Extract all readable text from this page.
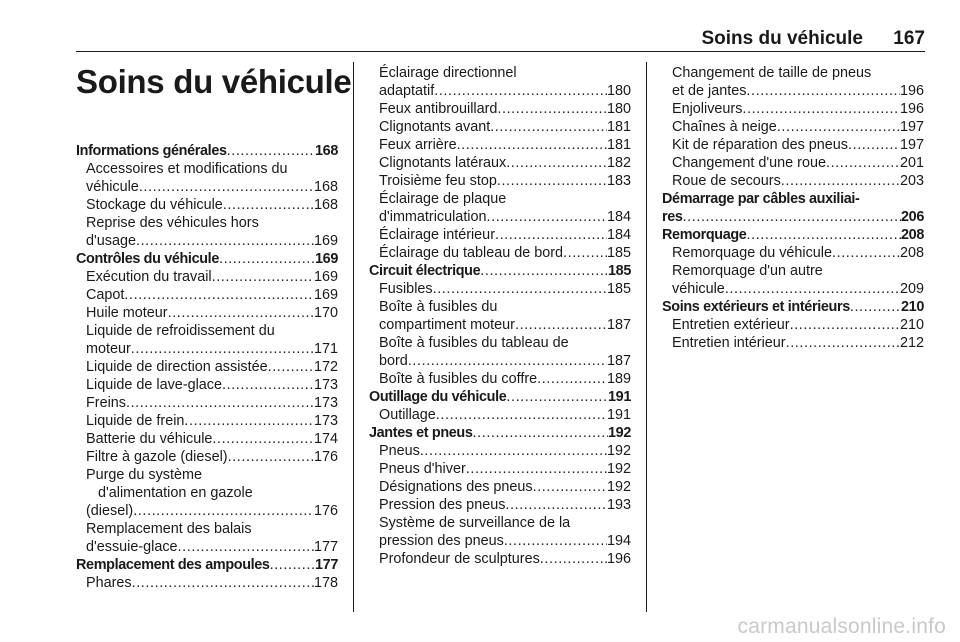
Soins du véhicule 167
Soins du véhicule
Informations générales .....	168
Accessoires et modifications du
véhicule .....	168
Stockage du véhicule .....	168
Reprise des véhicules hors
d'usage .....	169
Contrôles du véhicule .....	169
Exécution du travail .....	169
Capot .....	169
Huile moteur .....	170
Liquide de refroidissement du
moteur .....	171
Liquide de direction assistée .....	172
Liquide de lave-glace .....	173
Freins .....	173
Liquide de frein .....	173
Batterie du véhicule .....	174
Filtre à gazole (diesel) .....	176
Purge du système
d'alimentation en gazole
(diesel) .....	176
Remplacement des balais
d'essuie-glace .....	177
Remplacement des ampoules .....	177
Phares .....	178
Éclairage directionnel
adaptatif .....	180
Feux antibrouillard .....	180
Clignotants avant .....	181
Feux arrière .....	181
Clignotants latéraux .....	182
Troisième feu stop .....	183
Éclairage de plaque
d'immatriculation .....	184
Éclairage intérieur .....	184
Éclairage du tableau de bord .....	185
Circuit électrique .....	185
Fusibles .....	185
Boîte à fusibles du
compartiment moteur .....	187
Boîte à fusibles du tableau de
bord .....	187
Boîte à fusibles du coffre .....	189
Outillage du véhicule .....	191
Outillage .....	191
Jantes et pneus .....	192
Pneus .....	192
Pneus d'hiver .....	192
Désignations des pneus .....	192
Pression des pneus .....	193
Système de surveillance de la
pression des pneus .....	194
Profondeur de sculptures .....	196
Changement de taille de pneus
et de jantes .....	196
Enjoliveurs .....	196
Chaînes à neige .....	197
Kit de réparation des pneus .....	197
Changement d'une roue .....	201
Roue de secours .....	203
Démarrage par câbles auxiliai-
res .....	206
Remorquage .....	208
Remorquage du véhicule .....	208
Remorquage d'un autre
véhicule .....	209
Soins extérieurs et intérieurs .....	210
Entretien extérieur .....	210
Entretien intérieur .....	212
carmanualsonline.info
